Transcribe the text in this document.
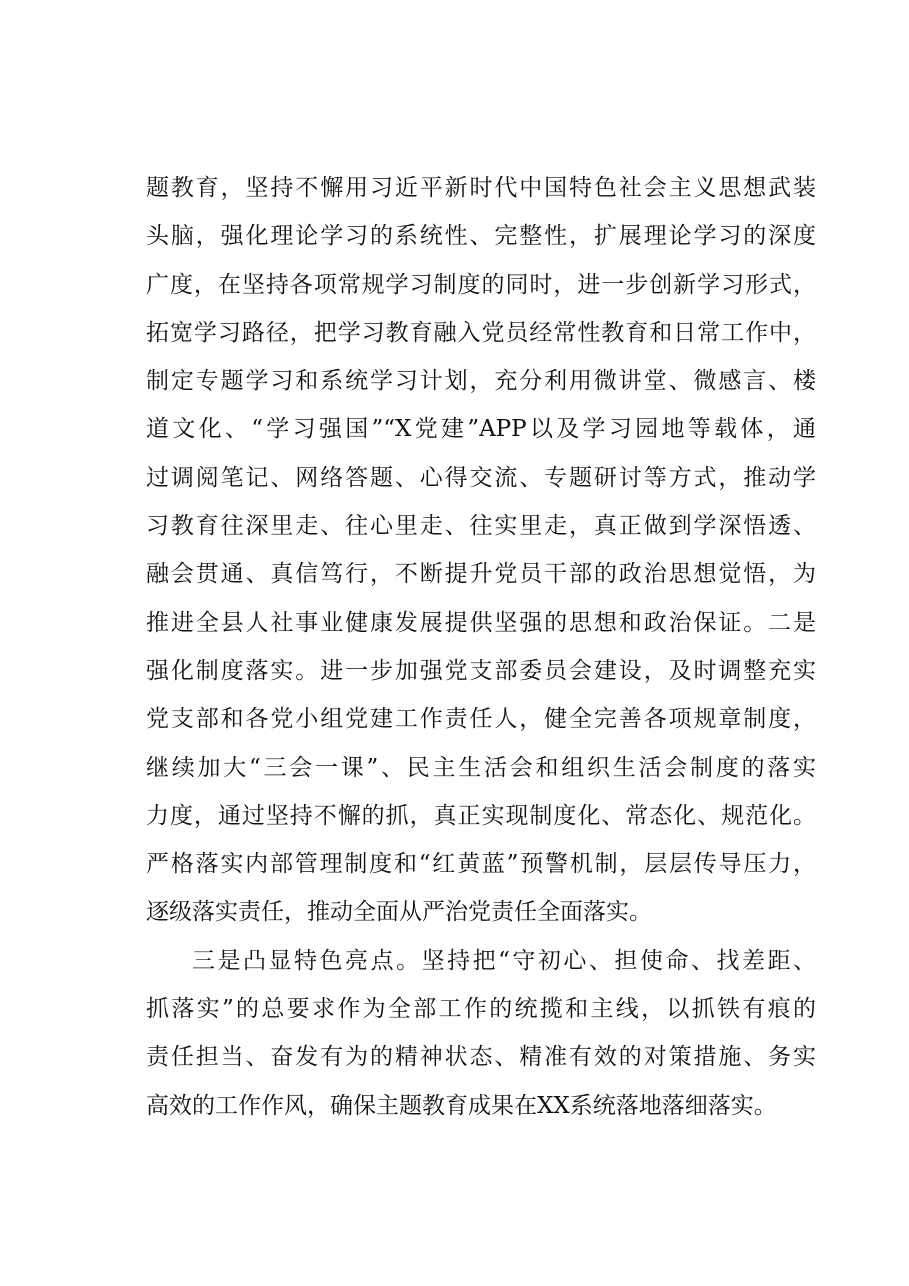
题教育，坚持不懈用习近平新时代中国特色社会主义思想武装
头脑，强化理论学习的系统性、完整性，扩展理论学习的深度
广度，在坚持各项常规学习制度的同时，进一步创新学习形式，
拓宽学习路径，把学习教育融入党员经常性教育和日常工作中，
制定专题学习和系统学习计划，充分利用微讲堂、微感言、楼
道文化、“学习强国”“X党建”APP以及学习园地等载体，通
过调阅笔记、网络答题、心得交流、专题研讨等方式，推动学
习教育往深里走、往心里走、往实里走，真正做到学深悟透、
融会贯通、真信笃行，不断提升党员干部的政治思想觉悟，为
推进全县人社事业健康发展提供坚强的思想和政治保证。二是
强化制度落实。进一步加强党支部委员会建设，及时调整充实
党支部和各党小组党建工作责任人，健全完善各项规章制度，
继续加大“三会一课”、民主生活会和组织生活会制度的落实
力度，通过坚持不懈的抓，真正实现制度化、常态化、规范化。
严格落实内部管理制度和“红黄蓝”预警机制，层层传导压力，
逐级落实责任，推动全面从严治党责任全面落实。
三是凸显特色亮点。坚持把“守初心、担使命、找差距、
抓落实”的总要求作为全部工作的统揽和主线，以抓铁有痕的
责任担当、奋发有为的精神状态、精准有效的对策措施、务实
高效的工作作风，确保主题教育成果在XX系统落地落细落实。
